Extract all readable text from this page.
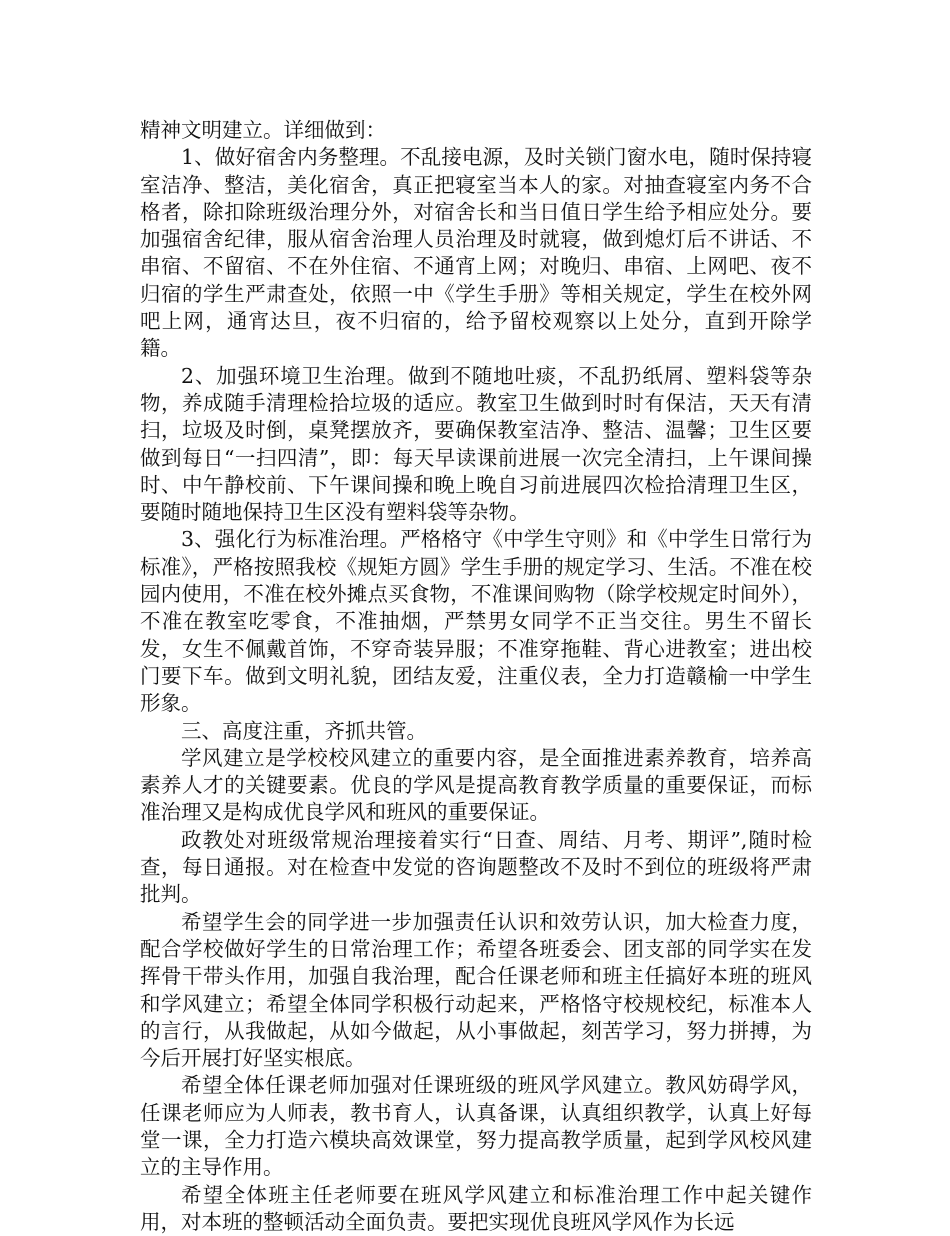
精神文明建立。详细做到：

1、做好宿舍内务整理。不乱接电源，及时关锁门窗水电，随时保持寝室洁净、整洁，美化宿舍，真正把寝室当本人的家。对抽查寝室内务不合格者，除扣除班级治理分外，对宿舍长和当日值日学生给予相应处分。要加强宿舍纪律，服从宿舍治理人员治理及时就寝，做到熄灯后不讲话、不串宿、不留宿、不在外住宿、不通宵上网；对晚归、串宿、上网吧、夜不归宿的学生严肃查处，依照一中《学生手册》等相关规定，学生在校外网吧上网，通宵达旦，夜不归宿的，给予留校观察以上处分，直到开除学籍。

2、加强环境卫生治理。做到不随地吐痰，不乱扔纸屑、塑料袋等杂物，养成随手清理检拾垃圾的适应。教室卫生做到时时有保洁，天天有清扫，垃圾及时倒，桌凳摆放齐，要确保教室洁净、整洁、温馨；卫生区要做到每日“一扫四清”，即：每天早读课前进展一次完全清扫，上午课间操时、中午静校前、下午课间操和晚上晚自习前进展四次检拾清理卫生区，要随时随地保持卫生区没有塑料袋等杂物。

3、强化行为标准治理。严格格守《中学生守则》和《中学生日常行为标准》，严格按照我校《规矩方圆》学生手册的规定学习、生活。不准在校园内使用，不准在校外摊点买食物，不准课间购物（除学校规定时间外），不准在教室吃零食，不准抽烟，严禁男女同学不正当交往。男生不留长发，女生不佩戴首饰，不穿奇装异服；不准穿拖鞋、背心进教室；进出校门要下车。做到文明礼貌，团结友爱，注重仪表，全力打造赣榆一中学生形象。

三、高度注重，齐抓共管。

学风建立是学校校风建立的重要内容，是全面推进素养教育，培养高素养人才的关键要素。优良的学风是提高教育教学质量的重要保证，而标准治理又是构成优良学风和班风的重要保证。

政教处对班级常规治理接着实行“日查、周结、月考、期评”,随时检查，每日通报。对在检查中发觉的咨询题整改不及时不到位的班级将严肃批判。

希望学生会的同学进一步加强责任认识和效劳认识，加大检查力度，配合学校做好学生的日常治理工作；希望各班委会、团支部的同学实在发挥骨干带头作用，加强自我治理，配合任课老师和班主任搞好本班的班风和学风建立；希望全体同学积极行动起来，严格恪守校规校纪，标准本人的言行，从我做起，从如今做起，从小事做起，刻苦学习，努力拼搏，为今后开展打好坚实根底。

希望全体任课老师加强对任课班级的班风学风建立。教风妨碍学风，任课老师应为人师表，教书育人，认真备课，认真组织教学，认真上好每堂一课，全力打造六模块高效课堂，努力提高教学质量，起到学风校风建立的主导作用。

希望全体班主任老师要在班风学风建立和标准治理工作中起关键作用，对本班的整顿活动全面负责。要把实现优良班风学风作为长远
